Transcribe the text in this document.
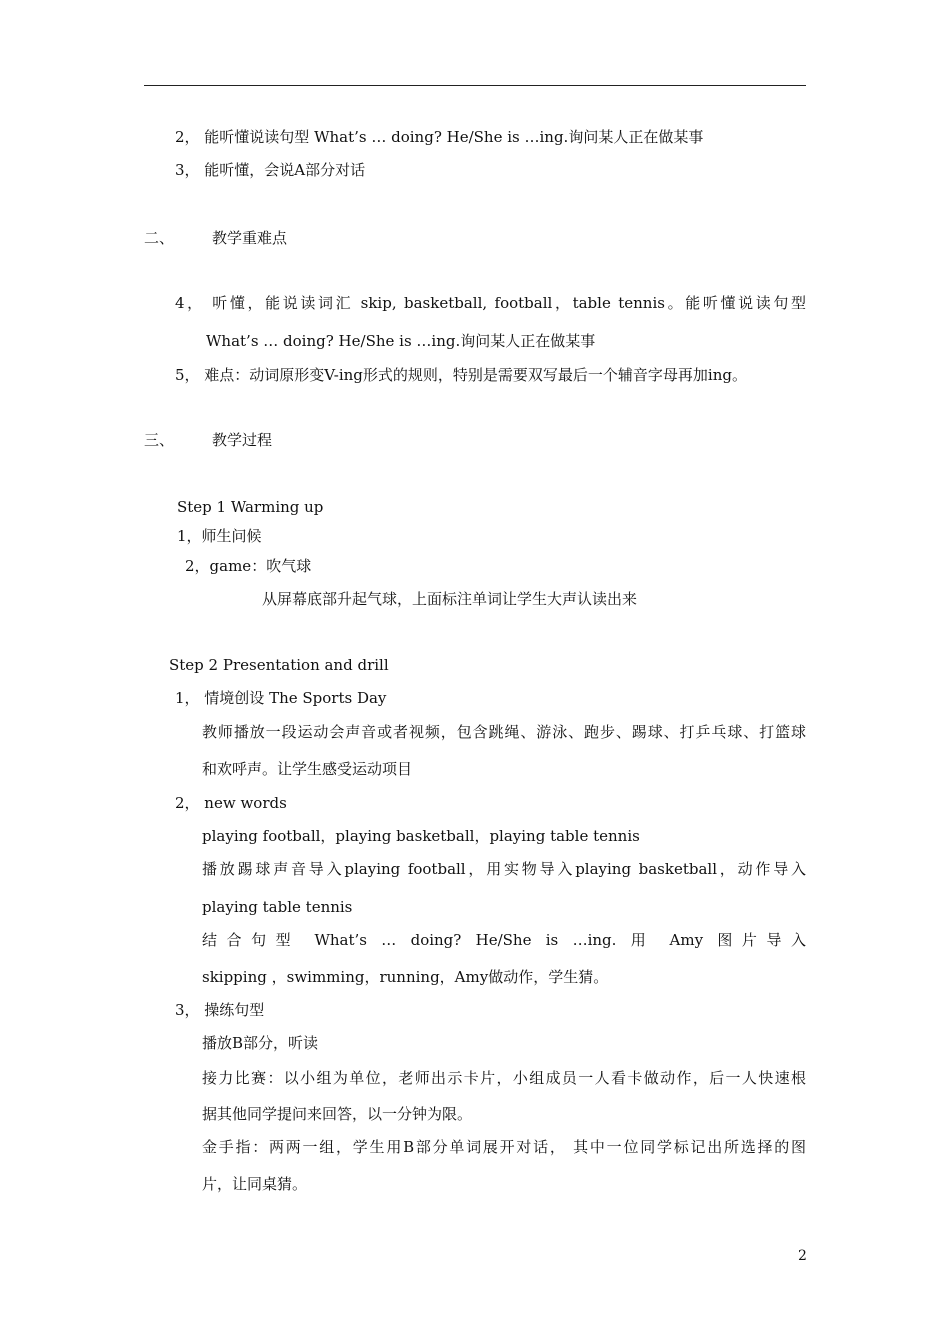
2， 能听懂说读句型 What’s … doing? He/She is …ing.询问某人正在做某事
3， 能听懂，会说A部分对话
二、	教学重难点
4， 听懂，能说读词汇 skip, basketball, football，table tennis。能听懂说读句型
What’s … doing? He/She is …ing.询问某人正在做某事
5， 难点：动词原形变V-ing形式的规则，特别是需要双写最后一个辅音字母再加ing。
三、	教学过程
Step 1 Warming up
1，师生问候
2，game：吹气球
从屏幕底部升起气球，上面标注单词让学生大声认读出来
Step 2 Presentation and drill
1， 情境创设 The Sports Day
教师播放一段运动会声音或者视频，包含跳绳、游泳、跑步、踢球、打乒乓球、打篮球
和欢呼声。让学生感受运动项目
2， new words
playing football，playing basketball，playing table tennis
播放踢球声音导入playing football，用实物导入playing basketball，动作导入
playing table tennis
结合句型 What’s … doing? He/She is …ing. 用 Amy 图片导入
skipping ，swimming，running，Amy做动作，学生猜。
3， 操练句型
播放B部分，听读
接力比赛：以小组为单位，老师出示卡片，小组成员一人看卡做动作，后一人快速根
据其他同学提问来回答，以一分钟为限。
金手指：两两一组，学生用B部分单词展开对话， 其中一位同学标记出所选择的图
片，让同桌猜。
2
